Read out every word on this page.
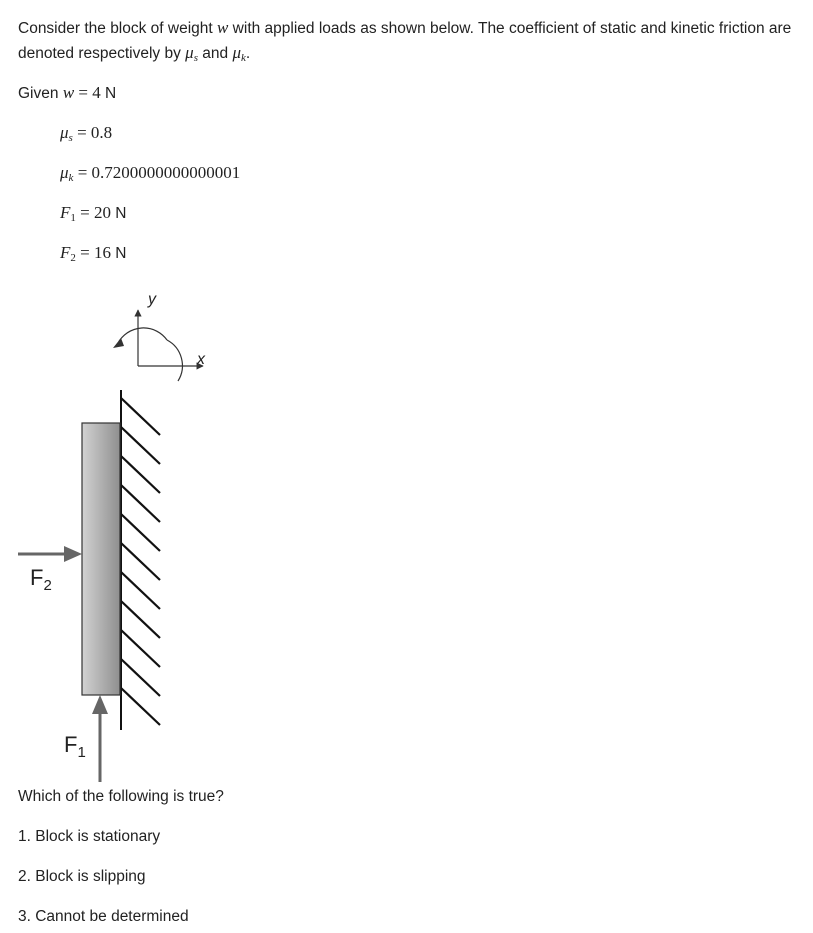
Consider the block of weight w with applied loads as shown below. The coefficient of static and kinetic friction are denoted respectively by $\mu_s$ and $\mu_k$.
Given w = 4 N
$\mu_s = 0.8$
$\mu_k = 0.7200000000000001$
$F_1 = 20$ N
$F_2 = 16$ N
y
x
$F_2$
$F_1$
Which of the following is true?
1. Block is stationary
2. Block is slipping
3. Cannot be determined
